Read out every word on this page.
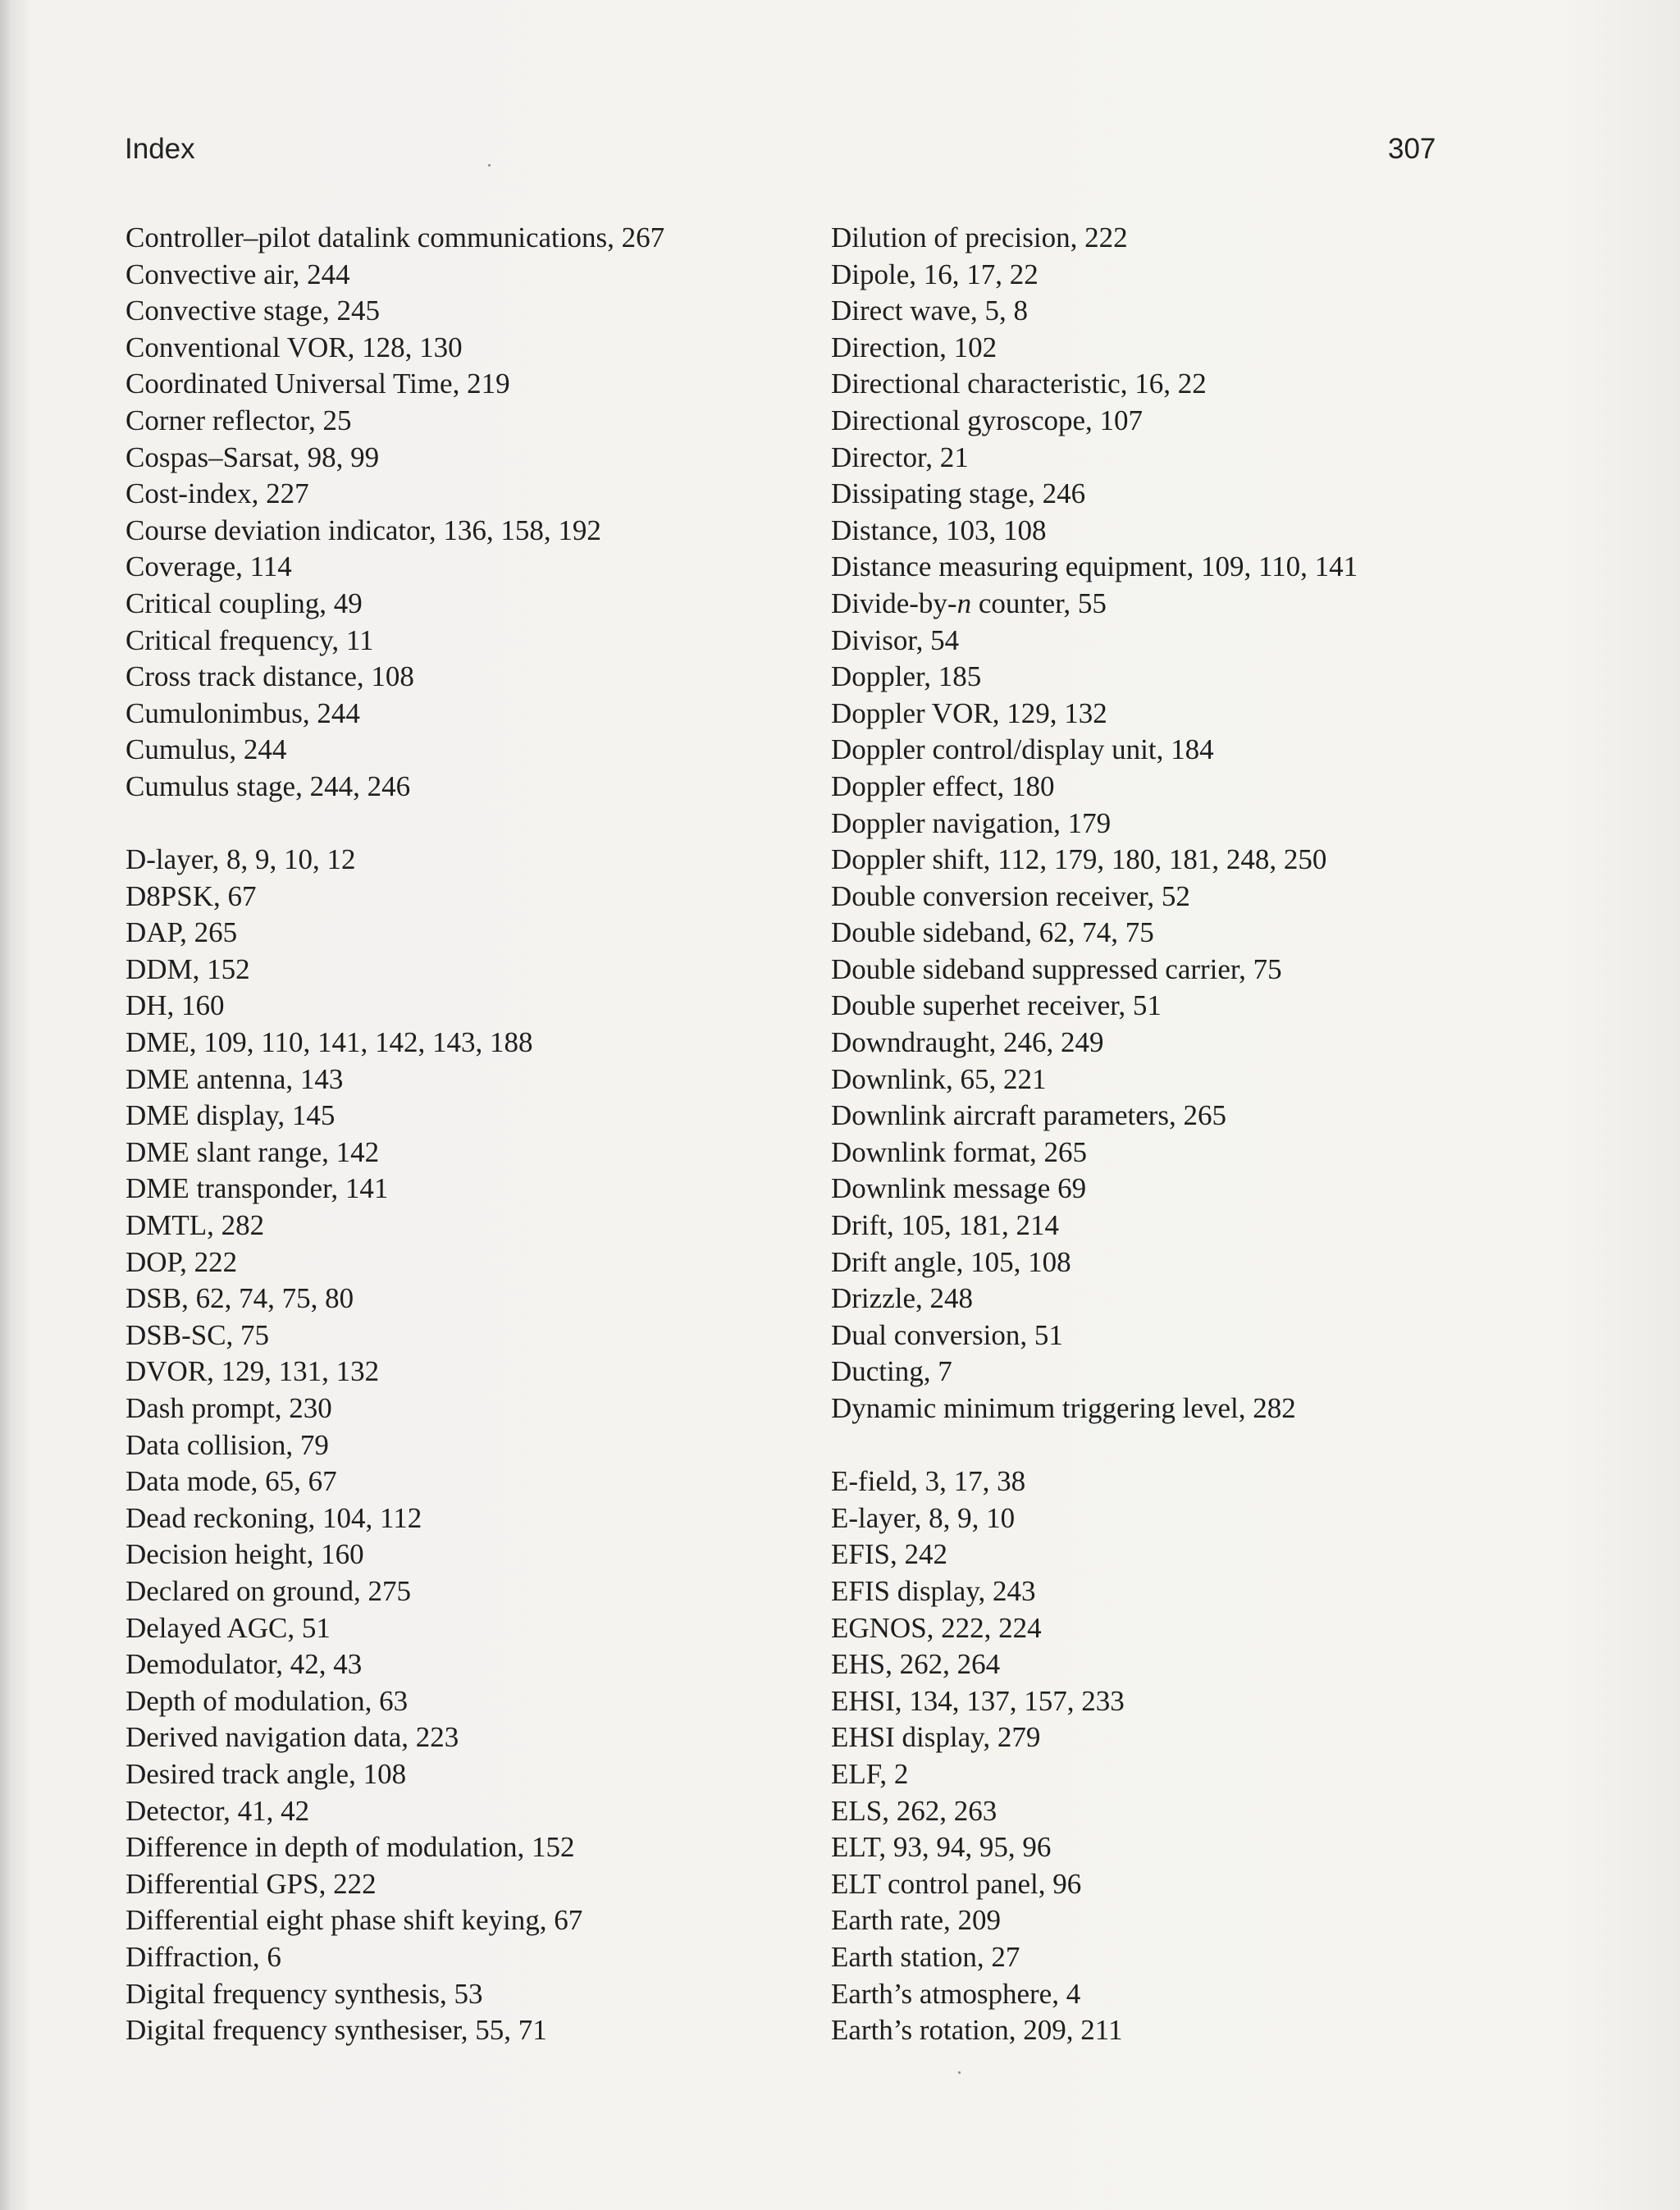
Index	307
Controller–pilot datalink communications, 267
Convective air, 244
Convective stage, 245
Conventional VOR, 128, 130
Coordinated Universal Time, 219
Corner reflector, 25
Cospas–Sarsat, 98, 99
Cost-index, 227
Course deviation indicator, 136, 158, 192
Coverage, 114
Critical coupling, 49
Critical frequency, 11
Cross track distance, 108
Cumulonimbus, 244
Cumulus, 244
Cumulus stage, 244, 246
D-layer, 8, 9, 10, 12
D8PSK, 67
DAP, 265
DDM, 152
DH, 160
DME, 109, 110, 141, 142, 143, 188
DME antenna, 143
DME display, 145
DME slant range, 142
DME transponder, 141
DMTL, 282
DOP, 222
DSB, 62, 74, 75, 80
DSB-SC, 75
DVOR, 129, 131, 132
Dash prompt, 230
Data collision, 79
Data mode, 65, 67
Dead reckoning, 104, 112
Decision height, 160
Declared on ground, 275
Delayed AGC, 51
Demodulator, 42, 43
Depth of modulation, 63
Derived navigation data, 223
Desired track angle, 108
Detector, 41, 42
Difference in depth of modulation, 152
Differential GPS, 222
Differential eight phase shift keying, 67
Diffraction, 6
Digital frequency synthesis, 53
Digital frequency synthesiser, 55, 71
Dilution of precision, 222
Dipole, 16, 17, 22
Direct wave, 5, 8
Direction, 102
Directional characteristic, 16, 22
Directional gyroscope, 107
Director, 21
Dissipating stage, 246
Distance, 103, 108
Distance measuring equipment, 109, 110, 141
Divide-by-n counter, 55
Divisor, 54
Doppler, 185
Doppler VOR, 129, 132
Doppler control/display unit, 184
Doppler effect, 180
Doppler navigation, 179
Doppler shift, 112, 179, 180, 181, 248, 250
Double conversion receiver, 52
Double sideband, 62, 74, 75
Double sideband suppressed carrier, 75
Double superhet receiver, 51
Downdraught, 246, 249
Downlink, 65, 221
Downlink aircraft parameters, 265
Downlink format, 265
Downlink message 69
Drift, 105, 181, 214
Drift angle, 105, 108
Drizzle, 248
Dual conversion, 51
Ducting, 7
Dynamic minimum triggering level, 282
E-field, 3, 17, 38
E-layer, 8, 9, 10
EFIS, 242
EFIS display, 243
EGNOS, 222, 224
EHS, 262, 264
EHSI, 134, 137, 157, 233
EHSI display, 279
ELF, 2
ELS, 262, 263
ELT, 93, 94, 95, 96
ELT control panel, 96
Earth rate, 209
Earth station, 27
Earth’s atmosphere, 4
Earth’s rotation, 209, 211
